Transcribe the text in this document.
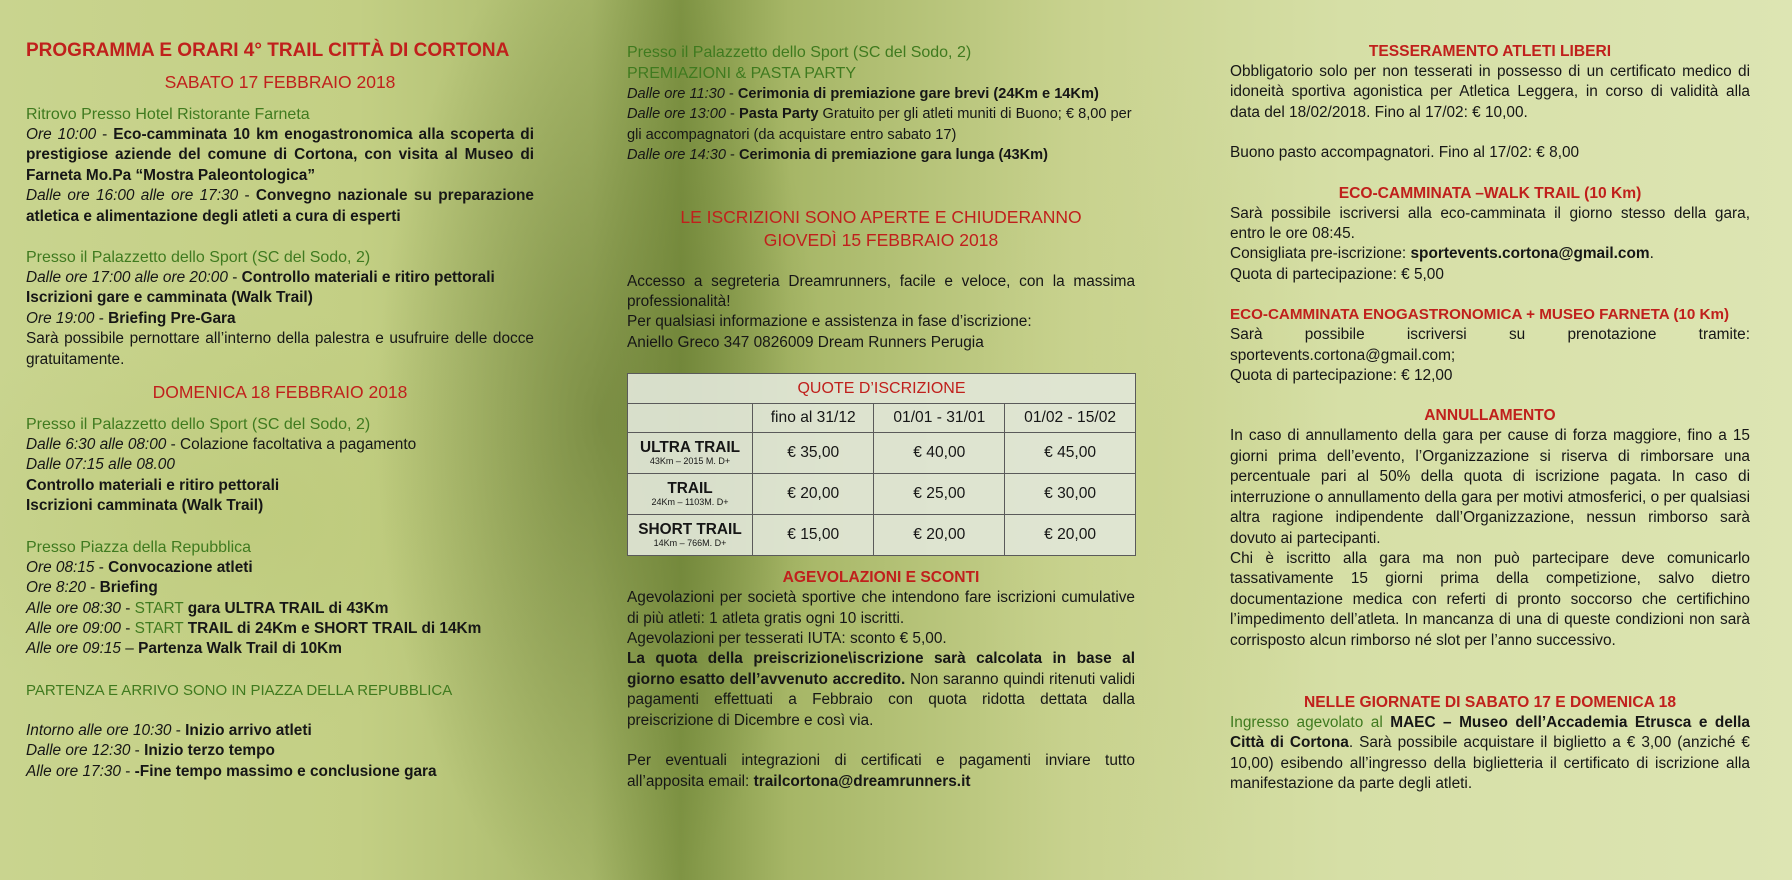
PROGRAMMA E ORARI 4° TRAIL CITTÀ DI CORTONA
SABATO 17 FEBBRAIO 2018
Ritrovo Presso Hotel Ristorante Farneta

Ore 10:00 - Eco-camminata 10 km enogastronomica alla scoperta di prestigiose aziende del comune di Cortona, con visita al Museo di Farneta Mo.Pa “Mostra Paleontologica”

Dalle ore 16:00 alle ore 17:30 - Convegno nazionale su preparazione atletica e alimentazione degli atleti a cura di esperti

Presso il Palazzetto dello Sport (SC del Sodo, 2)

Dalle ore 17:00 alle ore 20:00 - Controllo materiali e ritiro pettorali

Iscrizioni gare e camminata (Walk Trail)

Ore 19:00 - Briefing Pre-Gara

Sarà possibile pernottare all’interno della palestra e usufruire delle docce gratuitamente.

DOMENICA 18 FEBBRAIO 2018
Presso il Palazzetto dello Sport (SC del Sodo, 2)

Dalle 6:30 alle 08:00 - Colazione facoltativa a pagamento

Dalle 07:15 alle 08.00

Controllo materiali e ritiro pettorali

Iscrizioni camminata (Walk Trail)

Presso Piazza della Repubblica

Ore 08:15 - Convocazione atleti

Ore 8:20 - Briefing

Alle ore 08:30 - START gara ULTRA TRAIL di 43Km

Alle ore 09:00 - START TRAIL di 24Km e SHORT TRAIL di 14Km

Alle ore 09:15 – Partenza Walk Trail di 10Km

PARTENZA E ARRIVO SONO IN PIAZZA DELLA REPUBBLICA

Intorno alle ore 10:30 - Inizio arrivo atleti

Dalle ore 12:30 - Inizio terzo tempo

Alle ore 17:30 - -Fine tempo massimo e conclusione gara

Presso il Palazzetto dello Sport (SC del Sodo, 2)
PREMIAZIONI & PASTA PARTY

Dalle ore 11:30 - Cerimonia di premiazione gare brevi (24Km e 14Km)

Dalle ore 13:00 - Pasta Party Gratuito per gli atleti muniti di Buono; € 8,00 per gli accompagnatori (da acquistare entro sabato 17)

Dalle ore 14:30 - Cerimonia di premiazione gara lunga (43Km)

LE ISCRIZIONI SONO APERTE E CHIUDERANNO
GIOVEDÌ 15 FEBBRAIO 2018

Accesso a segreteria Dreamrunners, facile e veloce, con la massima professionalità!

Per qualsiasi informazione e assistenza in fase d’iscrizione:

Aniello Greco 347 0826009 Dream Runners Perugia

QUOTE D’ISCRIZIONE			
	fino al 31/12	01/01 - 31/01	01/02 - 15/02

ULTRA TRAIL
43Km – 2015 M. D+	€ 35,00	€ 40,00	€ 45,00

TRAIL
24Km – 1103M. D+	€ 20,00	€ 25,00	€ 30,00

SHORT TRAIL
14Km – 766M. D+	€ 15,00	€ 20,00	€ 20,00
AGEVOLAZIONI E SCONTI

Agevolazioni per società sportive che intendono fare iscrizioni cumulative di più atleti: 1 atleta gratis ogni 10 iscritti.

Agevolazioni per tesserati IUTA: sconto € 5,00.

La quota della preiscrizione\iscrizione sarà calcolata in base al giorno esatto dell’avvenuto accredito. Non saranno quindi ritenuti validi pagamenti effettuati a Febbraio con quota ridotta dettata dalla preiscrizione di Dicembre e così via.

Per eventuali integrazioni di certificati e pagamenti inviare tutto all’apposita email: trailcortona@dreamrunners.it

TESSERAMENTO ATLETI LIBERI

Obbligatorio solo per non tesserati in possesso di un certificato medico di idoneità sportiva agonistica per Atletica Leggera, in corso di validità alla data del 18/02/2018. Fino al 17/02: € 10,00.

Buono pasto accompagnatori. Fino al 17/02: € 8,00

ECO-CAMMINATA –WALK TRAIL (10 Km)

Sarà possibile iscriversi alla eco-camminata il giorno stesso della gara, entro le ore 08:45.

Consigliata pre-iscrizione: sportevents.cortona@gmail.com.

Quota di partecipazione: € 5,00

ECO-CAMMINATA ENOGASTRONOMICA + MUSEO FARNETA (10 Km)

Sarà possibile iscriversi su prenotazione tramite: sportevents.cortona@gmail.com;

Quota di partecipazione: € 12,00

ANNULLAMENTO

In caso di annullamento della gara per cause di forza maggiore, fino a 15 giorni prima dell’evento, l’Organizzazione si riserva di rimborsare una percentuale pari al 50% della quota di iscrizione pagata. In caso di interruzione o annullamento della gara per motivi atmosferici, o per qualsiasi altra ragione indipendente dall’Organizzazione, nessun rimborso sarà dovuto ai partecipanti.

Chi è iscritto alla gara ma non può partecipare deve comunicarlo tassativamente 15 giorni prima della competizione, salvo dietro documentazione medica con referti di pronto soccorso che certifichino l’impedimento dell’atleta. In mancanza di una di queste condizioni non sarà corrisposto alcun rimborso né slot per l’anno successivo.

NELLE GIORNATE DI SABATO 17 E DOMENICA 18

Ingresso agevolato al MAEC – Museo dell’Accademia Etrusca e della Città di Cortona. Sarà possibile acquistare il biglietto a € 3,00 (anziché € 10,00) esibendo all’ingresso della biglietteria il certificato di iscrizione alla manifestazione da parte degli atleti.
